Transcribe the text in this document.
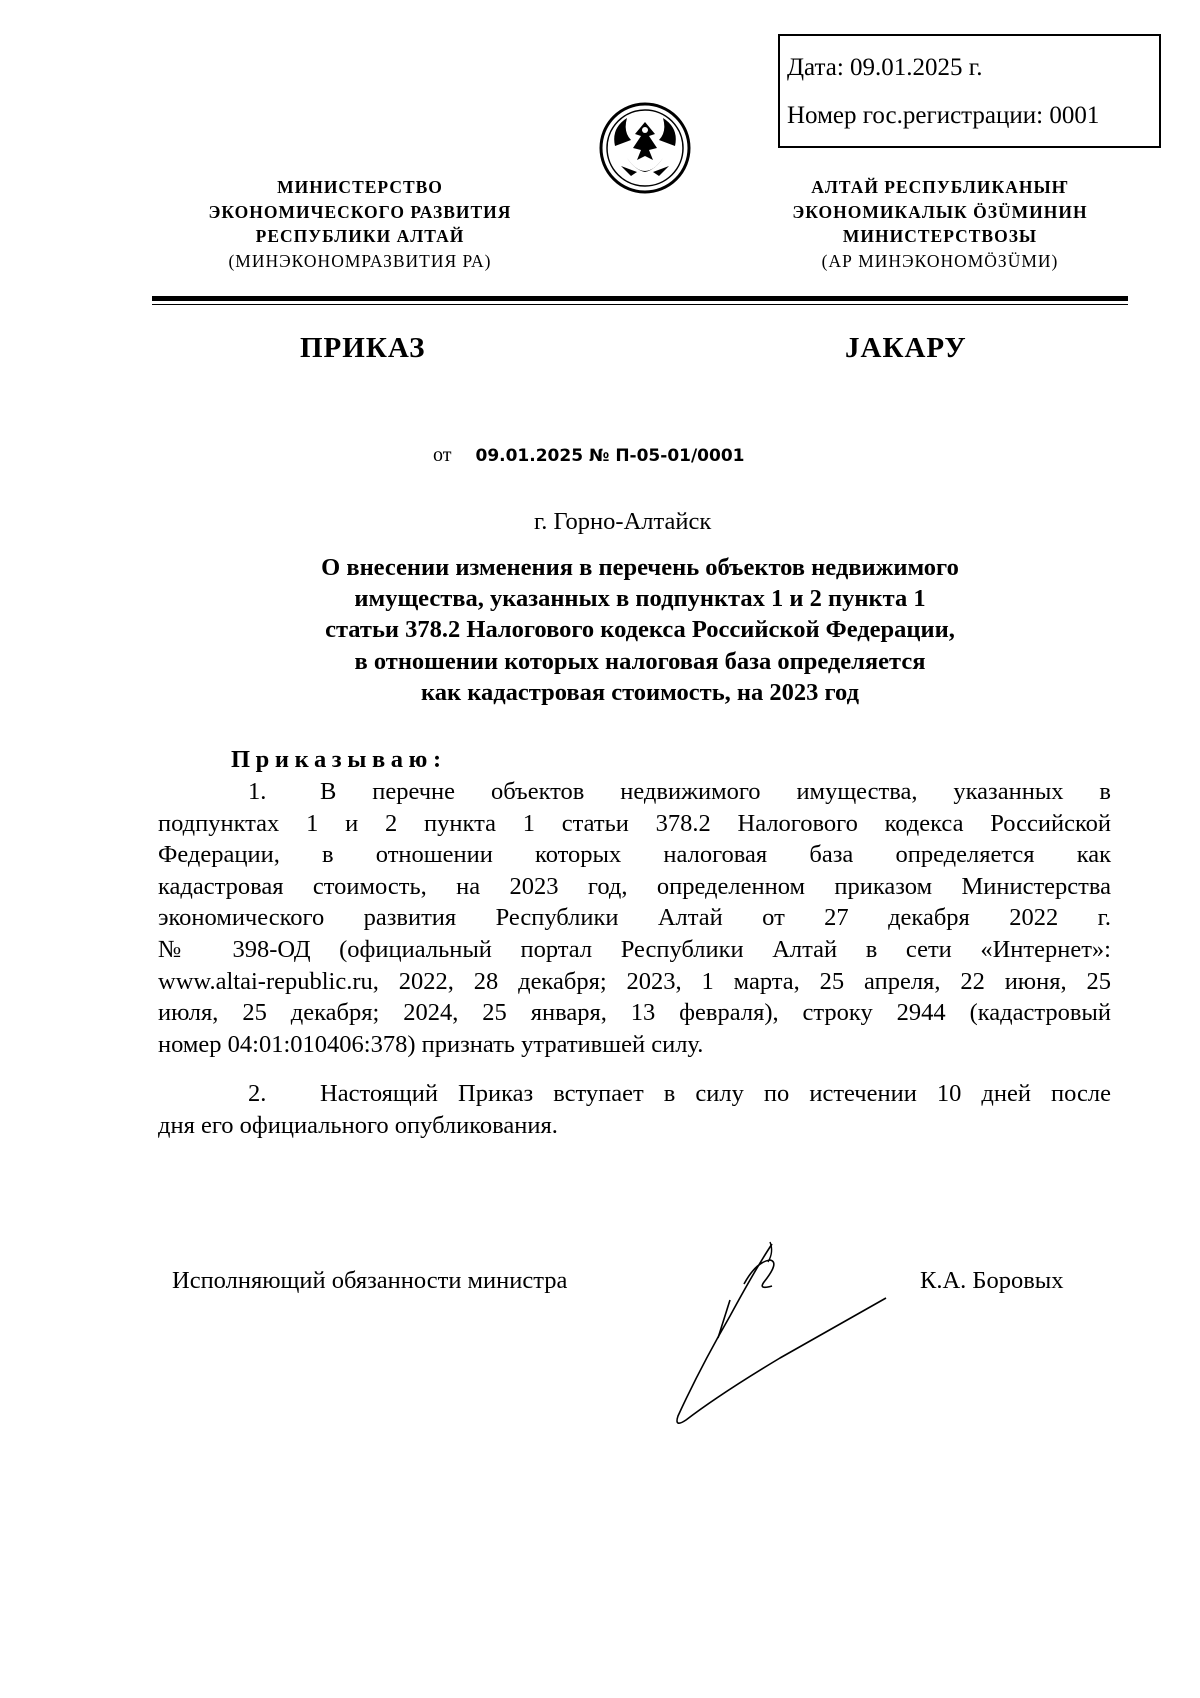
Дата: 09.01.2025 г.
Номер гос.регистрации: 0001
МИНИСТЕРСТВО
ЭКОНОМИЧЕСКОГО РАЗВИТИЯ
РЕСПУБЛИКИ АЛТАЙ
(МИНЭКОНОМРАЗВИТИЯ РА)
АЛТАЙ РЕСПУБЛИКАНЫҤ
ЭКОНОМИКАЛЫК ÖЗÜМИНИН
МИНИСТЕРСТВОЗЫ
(АР МИНЭКОНОМÖЗÜМИ)
ПРИКАЗ	ЈАКАРУ
от 09.01.2025 № П-05-01/0001
г. Горно-Алтайск
О внесении изменения в перечень объектов недвижимого
имущества, указанных в подпунктах 1 и 2 пункта 1
статьи 378.2 Налогового кодекса Российской Федерации,
в отношении которых налоговая база определяется
как кадастровая стоимость, на 2023 год
Приказываю:
1. В перечне объектов недвижимого имущества, указанных в
подпунктах 1 и 2 пункта 1 статьи 378.2 Налогового кодекса Российской
Федерации, в отношении которых налоговая база определяется как
кадастровая стоимость, на 2023 год, определенном приказом Министерства
экономического развития Республики Алтай от 27 декабря 2022 г.
№ 398-ОД (официальный портал Республики Алтай в сети «Интернет»:
www.altai-republic.ru, 2022, 28 декабря; 2023, 1 марта, 25 апреля, 22 июня, 25
июля, 25 декабря; 2024, 25 января, 13 февраля), строку 2944 (кадастровый
номер 04:01:010406:378) признать утратившей силу.
2. Настоящий Приказ вступает в силу по истечении 10 дней после
дня его официального опубликования.
Исполняющий обязанности министра	К.А. Боровых
